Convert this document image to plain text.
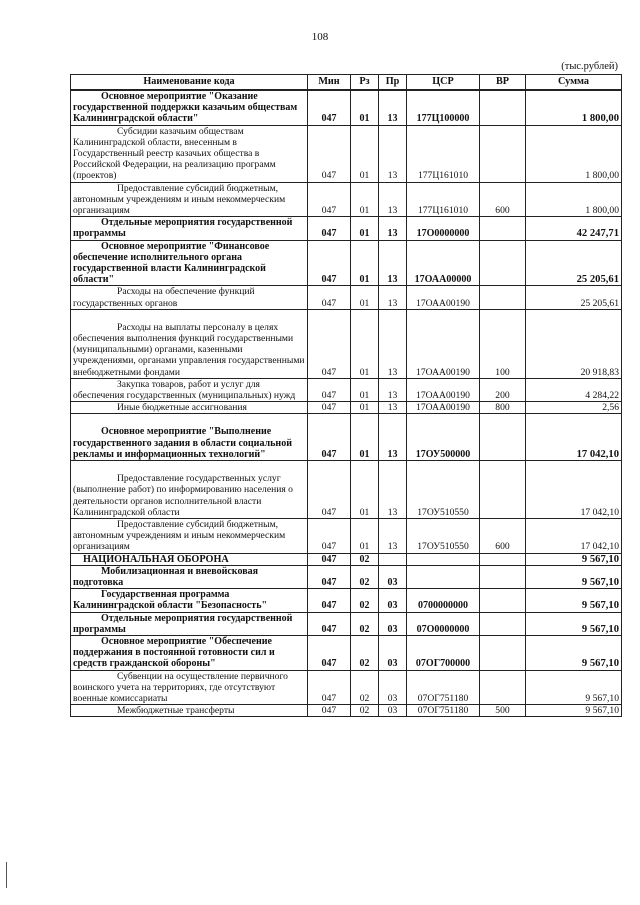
108
(тыс.рублей)
Наименование кода	Мин	Рз	Пр	ЦСР	ВР	Сумма
Основное мероприятие "Оказание государственной поддержки казачьим обществам Калининградской области"	047	01	13	177Ц100000		1 800,00
Субсидии казачьим обществам Калининградской области, внесенным в Государственный реестр казачьих общества в Российской Федерации, на реализацию программ (проектов)	047	01	13	177Ц161010		1 800,00
Предоставление субсидий бюджетным, автономным учреждениям и иным некоммерческим организациям	047	01	13	177Ц161010	600	1 800,00
Отдельные мероприятия государственной программы	047	01	13	17О0000000		42 247,71
Основное мероприятие "Финансовое обеспечение исполнительного органа государственной власти Калининградской области"	047	01	13	17ОАА00000		25 205,61
Расходы на обеспечение функций государственных органов	047	01	13	17ОАА00190		25 205,61
Расходы на выплаты персоналу в целях обеспечения выполнения функций государственными (муниципальными) органами, казенными учреждениями, органами управления государственными внебюджетными фондами	047	01	13	17ОАА00190	100	20 918,83
Закупка товаров, работ и услуг для обеспечения государственных (муниципальных) нужд	047	01	13	17ОАА00190	200	4 284,22
Иные бюджетные ассигнования	047	01	13	17ОАА00190	800	2,56
Основное мероприятие "Выполнение государственного задания в области социальной рекламы и информационных технологий"	047	01	13	17ОУ500000		17 042,10
Предоставление государственных услуг (выполнение работ) по информированию населения о деятельности органов исполнительной власти Калининградской области	047	01	13	17ОУ510550		17 042,10
Предоставление субсидий бюджетным, автономным учреждениям и иным некоммерческим организациям	047	01	13	17ОУ510550	600	17 042,10
НАЦИОНАЛЬНАЯ ОБОРОНА	047	02				9 567,10
Мобилизационная и вневойсковая подготовка	047	02	03			9 567,10
Государственная программа Калининградской области "Безопасность"	047	02	03	0700000000		9 567,10
Отдельные мероприятия государственной программы	047	02	03	07О0000000		9 567,10
Основное мероприятие "Обеспечение поддержания в постоянной готовности сил и средств гражданской обороны"	047	02	03	07ОГ700000		9 567,10
Субвенции на осуществление первичного воинского учета на территориях, где отсутствуют военные комиссариаты	047	02	03	07ОГ751180		9 567,10
Межбюджетные трансферты	047	02	03	07ОГ751180	500	9 567,10
